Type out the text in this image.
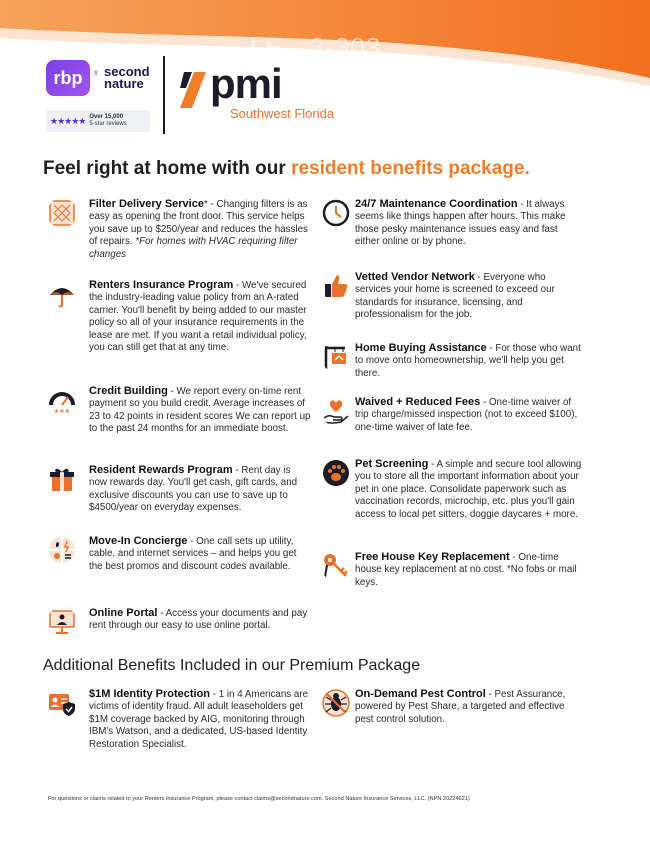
LE - 3-303
rbp	x second
nature
★★★★★ Over 15,000
5-star reviews
pmi
Southwest Florida
Feel right at home with our resident benefits package.
Filter Delivery Service* - Changing filters is as easy as opening the front door. This service helps you save up to $250/year and reduces the hassles of repairs. *For homes with HVAC requiring filter changes
Renters Insurance Program - We've secured the industry-leading value policy from an A-rated carrier. You'll benefit by being added to our master policy so all of your insurance requirements in the lease are met. If you want a retail individual policy, you can still get that at any time.
★★★
Credit Building - We report every on-time rent payment so you build credit. Average increases of 23 to 42 points in resident scores We can report up to the past 24 months for an immediate boost.
Resident Rewards Program - Rent day is now rewards day. You'll get cash, gift cards, and exclusive discounts you can use to save up to $4500/year on everyday expenses.
Move-In Concierge - One call sets up utility, cable, and internet services – and helps you get the best promos and discount codes available.
Online Portal - Access your documents and pay rent through our easy to use online portal.
24/7 Maintenance Coordination - It always seems like things happen after hours. This make those pesky maintenance issues easy and fast either online or by phone.
Vetted Vendor Network - Everyone who services your home is screened to exceed our standards for insurance, licensing, and professionalism for the job.
Home Buying Assistance - For those who want to move onto homeownership, we'll help you get there.
Waived + Reduced Fees - One-time waiver of trip charge/missed inspection (not to exceed $100), one-time waiver of late fee.
Pet Screening - A simple and secure tool allowing you to store all the important information about your pet in one place. Consolidate paperwork such as vaccination records, microchip, etc. plus you'll gain access to local pet sitters, doggie daycares + more.
Free House Key Replacement - One-time house key replacement at no cost. *No fobs or mail keys.
Additional Benefits Included in our Premium Package
$1M Identity Protection - 1 in 4 Americans are victims of identity fraud. All adult leaseholders get $1M coverage backed by AIG, monitoring through IBM's Watson, and a dedicated, US-based Identity Restoration Specialist.
On-Demand Pest Control - Pest Assurance, powered by Pest Share, a targeted and effective pest control solution.
For questions or claims related to your Renters Insurance Program, please contact claims@secondnature.com. Second Nature Insurance Services, LLC. (NPN 20224621)
